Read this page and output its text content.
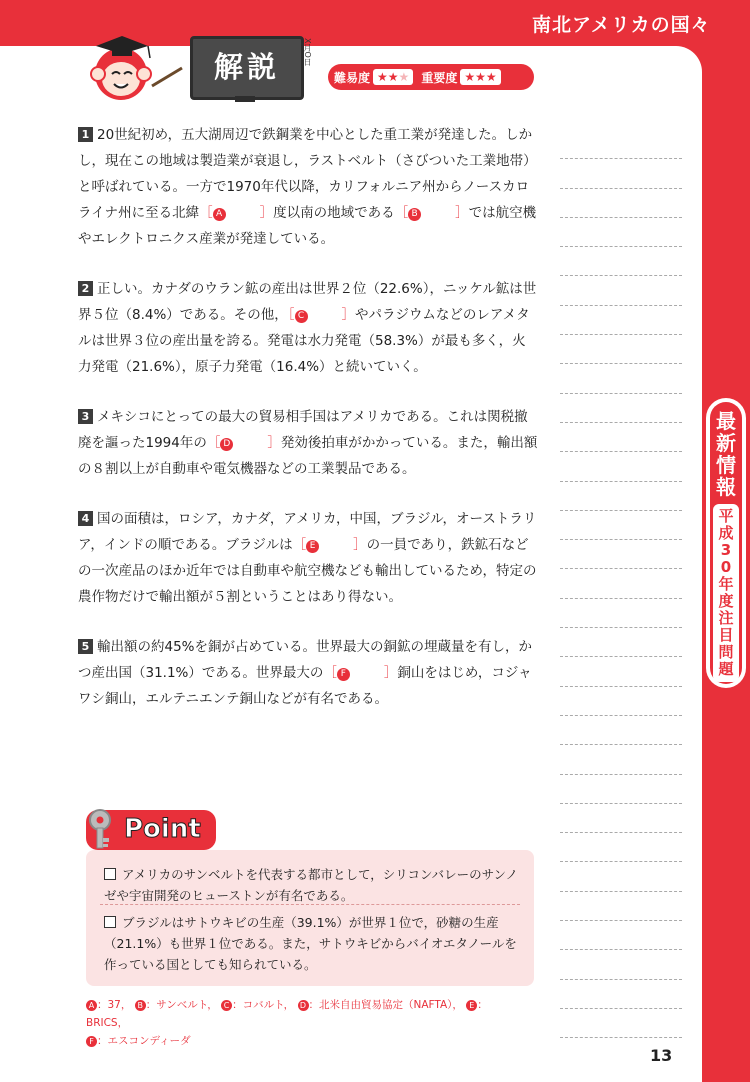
南北アメリカの国々
最
新
情
報
平
成
3
0
年
度
注
目
問
題
解説	X月O日
難易度 ★★★	重要度 ★★★
1 20世紀初め，五大湖周辺で鉄鋼業を中心とした重工業が発達した。しかし，現在この地域は製造業が衰退し，ラストベルト（さびついた工業地帯）と呼ばれている。一方で1970年代以降，カリフォルニア州からノースカロライナ州に至る北緯［ A	］度以南の地域である［ B	］では航空機やエレクトロニクス産業が発達している。
2 正しい。カナダのウラン鉱の産出は世界２位（22.6%），ニッケル鉱は世界５位（8.4%）である。その他，［ C	］やパラジウムなどのレアメタルは世界３位の産出量を誇る。発電は水力発電（58.3%）が最も多く，火力発電（21.6%），原子力発電（16.4%）と続いていく。
3 メキシコにとっての最大の貿易相手国はアメリカである。これは関税撤廃を謳った1994年の［ D	］発効後拍車がかかっている。また，輸出額の８割以上が自動車や電気機器などの工業製品である。
4 国の面積は，ロシア，カナダ，アメリカ，中国，ブラジル，オーストラリア，インドの順である。ブラジルは［ E	］の一員であり，鉄鉱石などの一次産品のほか近年では自動車や航空機なども輸出しているため，特定の農作物だけで輸出額が５割ということはあり得ない。
5 輸出額の約45%を銅が占めている。世界最大の銅鉱の埋蔵量を有し，かつ産出国（31.1%）である。世界最大の［ F	］銅山をはじめ，コジャワシ銅山，エルテニエンテ銅山などが有名である。
Point
アメリカのサンベルトを代表する都市として，シリコンバレーのサンノゼや宇宙開発のヒューストンが有名である。
ブラジルはサトウキビの生産（39.1%）が世界１位で，砂糖の生産（21.1%）も世界１位である。また，サトウキビからバイオエタノールを作っている国としても知られている。
A ：37， B ：サンベルト， C ：コバルト， D ：北米自由貿易協定（NAFTA）， E ：BRICS，
F ：エスコンディーダ
13
